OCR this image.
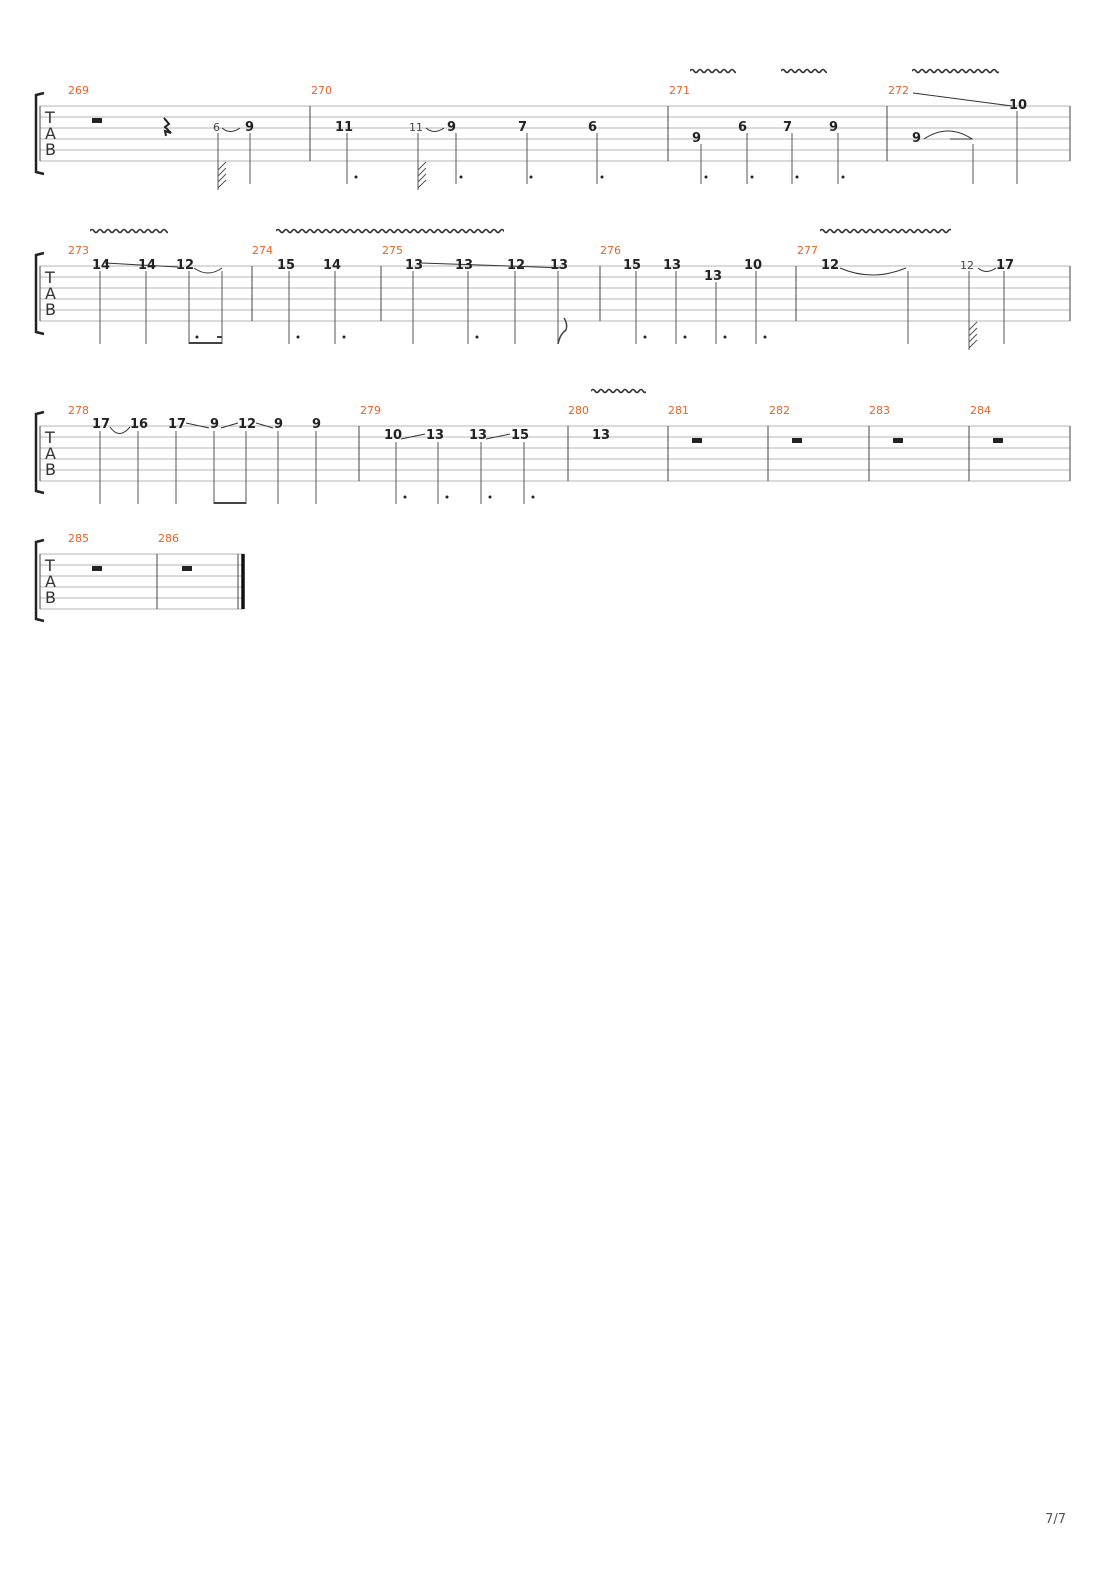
T
A
B
269	270	271	272
6 9	11	11 9	7	6
9
6	7	9
9
10
T
A
B
273	274	275	276	277
14 14 12	15 14	13 13	12 13	15 13
13
10	12	12 17
T
A
B
278	279	280	281	282	283	284
17 16 17 9 12 9 9
10 13 13 15	13
T
A
B
285	286
7/7
